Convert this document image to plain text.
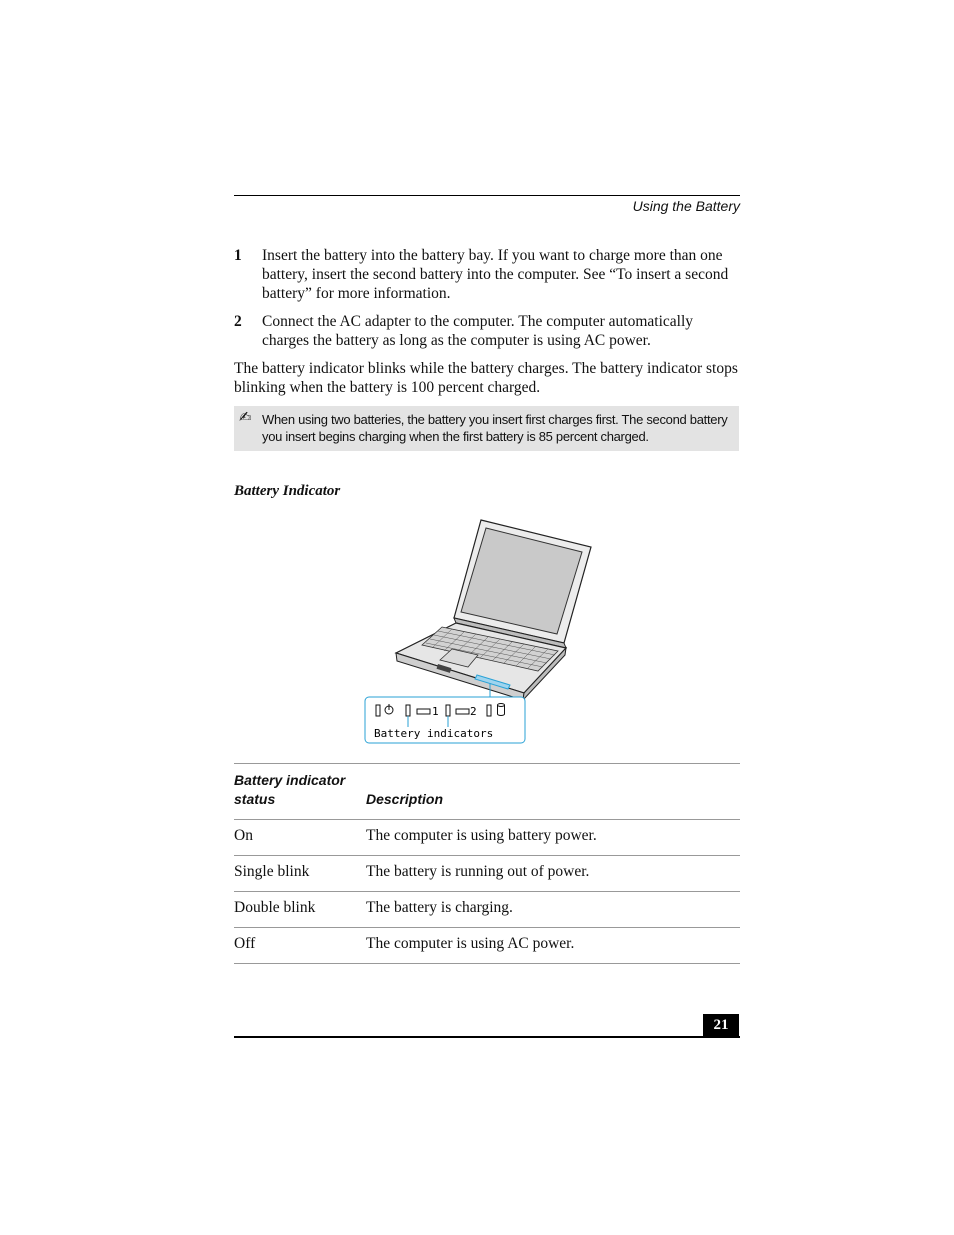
Using the Battery
1 Insert the battery into the battery bay. If you want to charge more than one battery, insert the second battery into the computer. See “To insert a second battery” for more information.
2 Connect the AC adapter to the computer. The computer automatically charges the battery as long as the computer is using AC power.
The battery indicator blinks while the battery charges. The battery indicator stops blinking when the battery is 100 percent charged.
✍ When using two batteries, the battery you insert first charges first. The second battery you insert begins charging when the first battery is 85 percent charged.
Battery Indicator
1	2
Battery indicators
Battery indicator status	Description
On	The computer is using battery power.
Single blink	The battery is running out of power.
Double blink	The battery is charging.
Off	The computer is using AC power.
21
